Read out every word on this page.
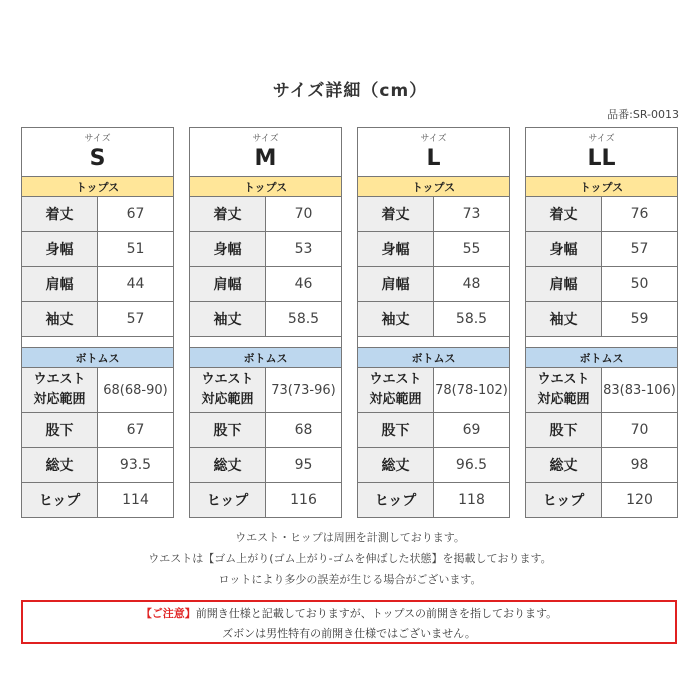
サイズ詳細（cm）
品番:SR-0013
サイズ
S	

トップス	
着丈	67
身幅	51
肩幅	44
袖丈	57

ボトムス	
ウエスト
対応範囲	68(68-90)
股下	67
総丈	93.5
ヒップ	114
サイズ
M	

トップス	
着丈	70
身幅	53
肩幅	46
袖丈	58.5

ボトムス	
ウエスト
対応範囲	73(73-96)
股下	68
総丈	95
ヒップ	116
サイズ
L	

トップス	
着丈	73
身幅	55
肩幅	48
袖丈	58.5

ボトムス	
ウエスト
対応範囲	78(78-102)
股下	69
総丈	96.5
ヒップ	118
サイズ
LL	

トップス	
着丈	76
身幅	57
肩幅	50
袖丈	59

ボトムス	
ウエスト
対応範囲	83(83-106)
股下	70
総丈	98
ヒップ	120
ウエスト・ヒップは周囲を計測しております。
ウエストは【ゴム上がり(ゴム上がり-ゴムを伸ばした状態】を掲載しております。
ロットにより多少の誤差が生じる場合がございます。
【ご注意】前開き仕様と記載しておりますが、トップスの前開きを指しております。
ズボンは男性特有の前開き仕様ではございません。
